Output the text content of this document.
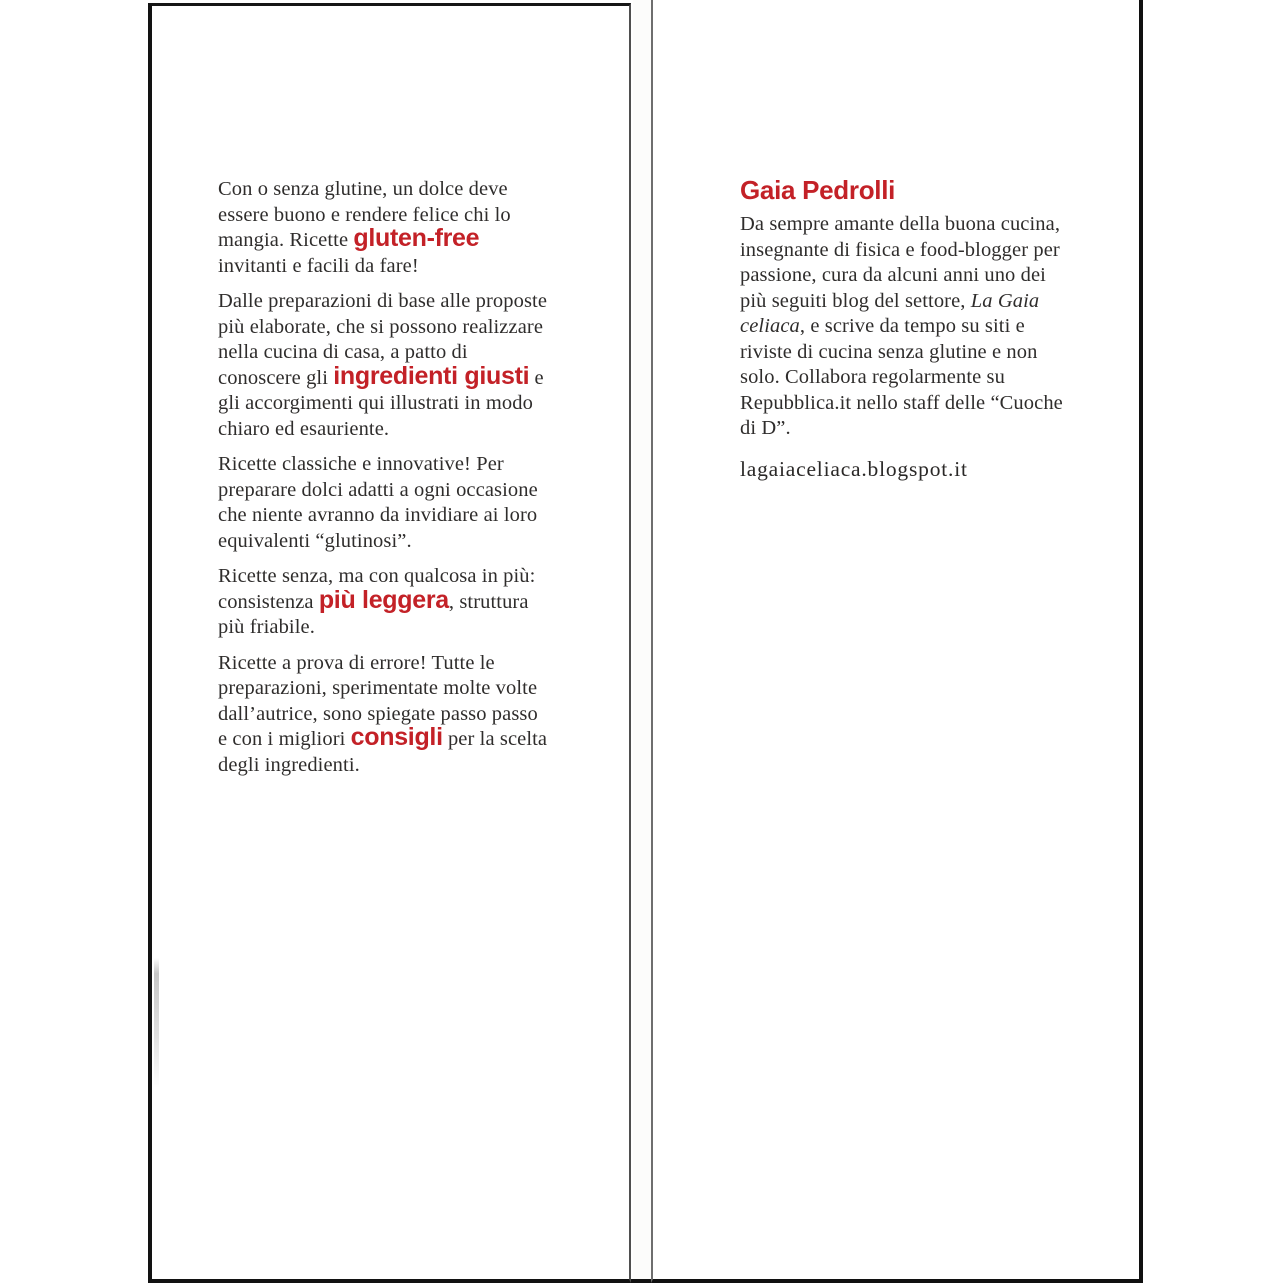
Con o senza glutine, un dolce deve essere buono e rendere felice chi lo mangia. Ricette gluten-free invitanti e facili da fare!

Dalle preparazioni di base alle proposte più elaborate, che si possono realizzare nella cucina di casa, a patto di conoscere gli ingredienti giusti e gli accorgimenti qui illustrati in modo chiaro ed esauriente.

Ricette classiche e innovative! Per preparare dolci adatti a ogni occasione che niente avranno da invidiare ai loro equivalenti “glutinosi”.

Ricette senza, ma con qualcosa in più: consistenza più leggera, struttura più friabile.

Ricette a prova di errore! Tutte le preparazioni, sperimentate molte volte dall’autrice, sono spiegate passo passo e con i migliori consigli per la scelta degli ingredienti.

Gaia Pedrolli

Da sempre amante della buona cucina, insegnante di fisica e food-blogger per passione, cura da alcuni anni uno dei più seguiti blog del settore, La Gaia celiaca, e scrive da tempo su siti e riviste di cucina senza glutine e non solo. Collabora regolarmente su Repubblica.it nello staff delle “Cuoche di D”.

lagaiaceliaca.blogspot.it
